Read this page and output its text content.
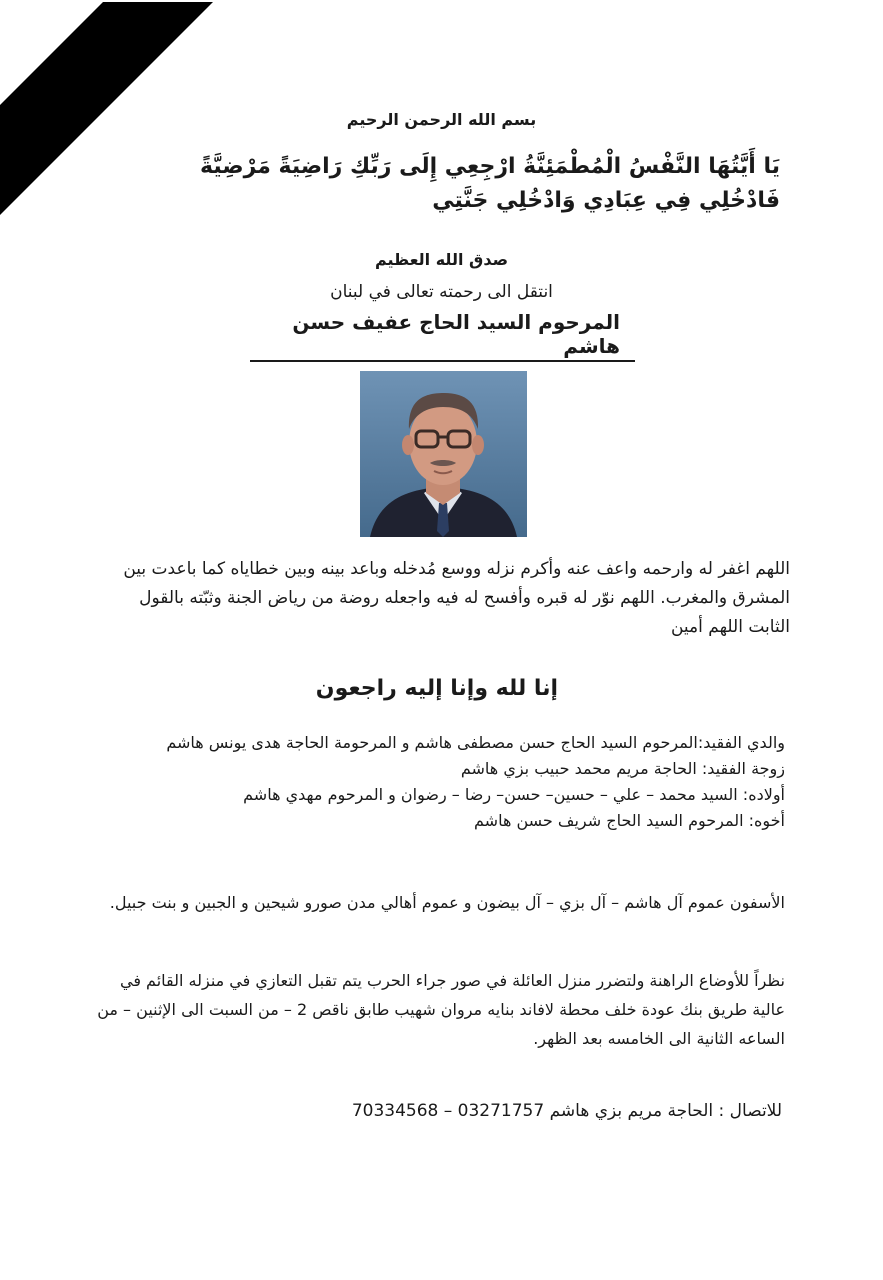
بسم الله الرحمن الرحيم
يَا أَيَّتُهَا النَّفْسُ الْمُطْمَئِنَّةُ ارْجِعِي إِلَى رَبِّكِ رَاضِيَةً مَرْضِيَّةً فَادْخُلِي فِي عِبَادِي وَادْخُلِي جَنَّتِي
صدق الله العظيم
انتقل الى رحمته تعالى في لبنان
المرحوم السيد الحاج عفيف حسن هاشم
اللهم اغفر له وارحمه واعف عنه وأكرم نزله ووسع مُدخله وباعد بينه وبين خطاياه كما باعدت بين المشرق والمغرب. اللهم نوّر له قبره وأفسح له فيه واجعله روضة من رياض الجنة وثبّته بالقول الثابت اللهم أمين
إنا لله وإنا إليه راجعون
والدي الفقيد:المرحوم السيد الحاج حسن مصطفى هاشم و المرحومة الحاجة هدى يونس هاشم
زوجة الفقيد: الحاجة مريم محمد حبيب بزي هاشم
أولاده: السيد محمد – علي – حسين– حسن– رضا – رضوان و المرحوم مهدي هاشم
أخوه: المرحوم السيد الحاج شريف حسن هاشم
الأسفون عموم آل هاشم – آل بزي – آل بيضون و عموم أهالي مدن صورو شيحين و الجبين و بنت جبيل.
نظراً للأوضاع الراهنة ولتضرر منزل العائلة في صور جراء الحرب يتم تقبل التعازي في منزله القائم في عالية طريق بنك عودة خلف محطة لافاند بنايه مروان شهيب طابق ناقص 2 – من السبت الى الإثنين – من الساعه الثانية الى الخامسه بعد الظهر.
للاتصال : الحاجة مريم بزي هاشم 03271757 – 70334568
